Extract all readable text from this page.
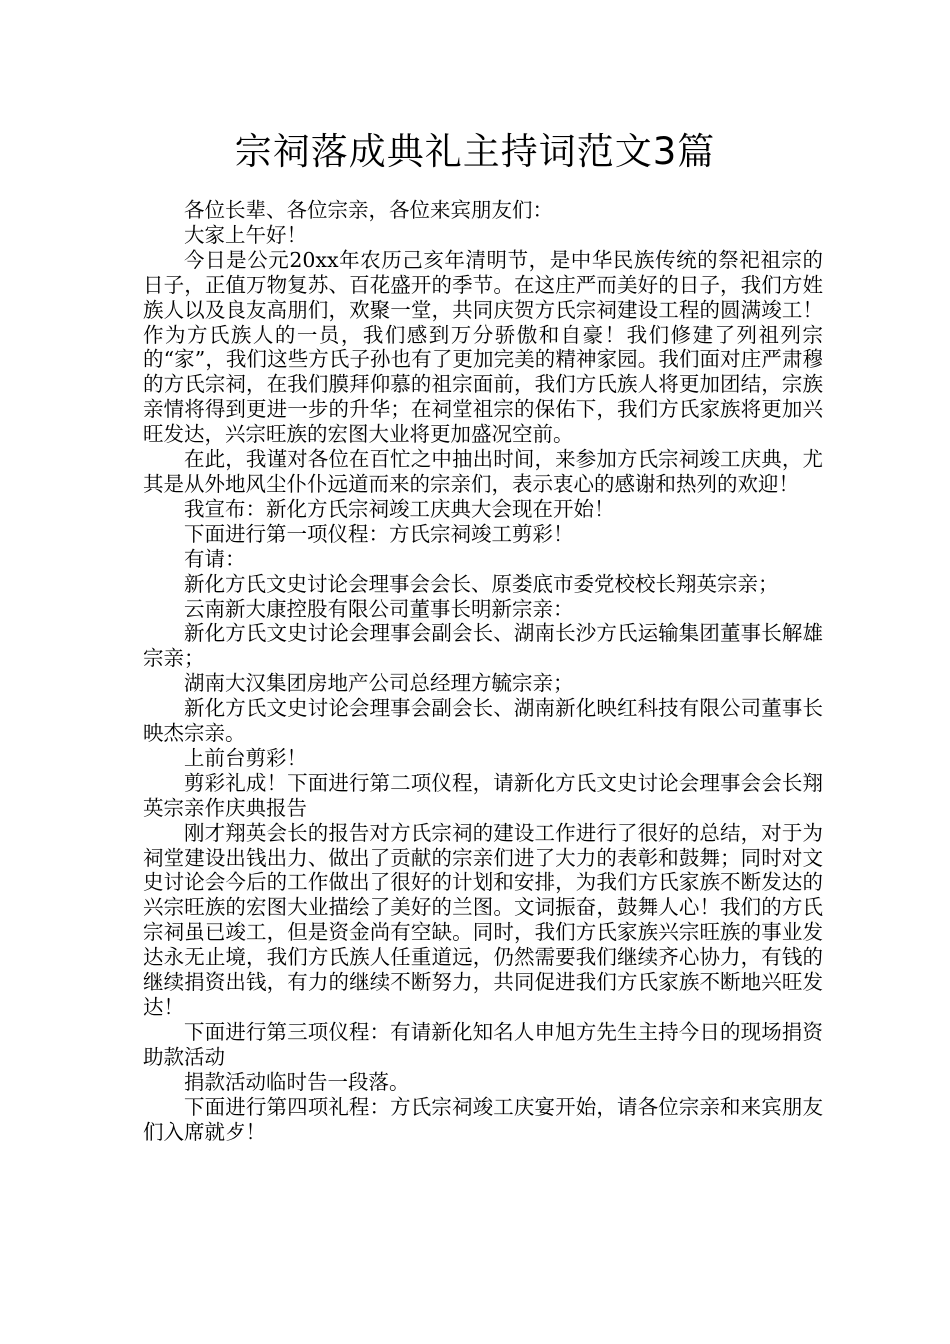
宗祠落成典礼主持词范文3篇

各位长辈、各位宗亲，各位来宾朋友们：

大家上午好！

今日是公元20xx年农历己亥年清明节，是中华民族传统的祭祀祖宗的日子，正值万物复苏、百花盛开的季节。在这庄严而美好的日子，我们方姓族人以及良友高朋们，欢聚一堂，共同庆贺方氏宗祠建设工程的圆满竣工！作为方氏族人的一员，我们感到万分骄傲和自豪！我们修建了列祖列宗的“家”，我们这些方氏子孙也有了更加完美的精神家园。我们面对庄严肃穆的方氏宗祠，在我们膜拜仰慕的祖宗面前，我们方氏族人将更加团结，宗族亲情将得到更进一步的升华；在祠堂祖宗的保佑下，我们方氏家族将更加兴旺发达，兴宗旺族的宏图大业将更加盛况空前。

在此，我谨对各位在百忙之中抽出时间，来参加方氏宗祠竣工庆典，尤其是从外地风尘仆仆远道而来的宗亲们，表示衷心的感谢和热列的欢迎！

我宣布：新化方氏宗祠竣工庆典大会现在开始！

下面进行第一项仪程：方氏宗祠竣工剪彩！

有请：

新化方氏文史讨论会理事会会长、原娄底市委党校校长翔英宗亲；

云南新大康控股有限公司董事长明新宗亲：

新化方氏文史讨论会理事会副会长、湖南长沙方氏运输集团董事长解雄宗亲；

湖南大汉集团房地产公司总经理方毓宗亲；

新化方氏文史讨论会理事会副会长、湖南新化映红科技有限公司董事长映杰宗亲。

上前台剪彩！

剪彩礼成！下面进行第二项仪程，请新化方氏文史讨论会理事会会长翔英宗亲作庆典报告

刚才翔英会长的报告对方氏宗祠的建设工作进行了很好的总结，对于为祠堂建设出钱出力、做出了贡献的宗亲们进了大力的表彰和鼓舞；同时对文史讨论会今后的工作做出了很好的计划和安排，为我们方氏家族不断发达的兴宗旺族的宏图大业描绘了美好的兰图。文词振奋，鼓舞人心！我们的方氏宗祠虽已竣工，但是资金尚有空缺。同时，我们方氏家族兴宗旺族的事业发达永无止境，我们方氏族人任重道远，仍然需要我们继续齐心协力，有钱的继续捐资出钱，有力的继续不断努力，共同促进我们方氏家族不断地兴旺发达！

下面进行第三项仪程：有请新化知名人申旭方先生主持今日的现场捐资助款活动

捐款活动临时告一段落。

下面进行第四项礼程：方氏宗祠竣工庆宴开始，请各位宗亲和来宾朋友们入席就歺！
